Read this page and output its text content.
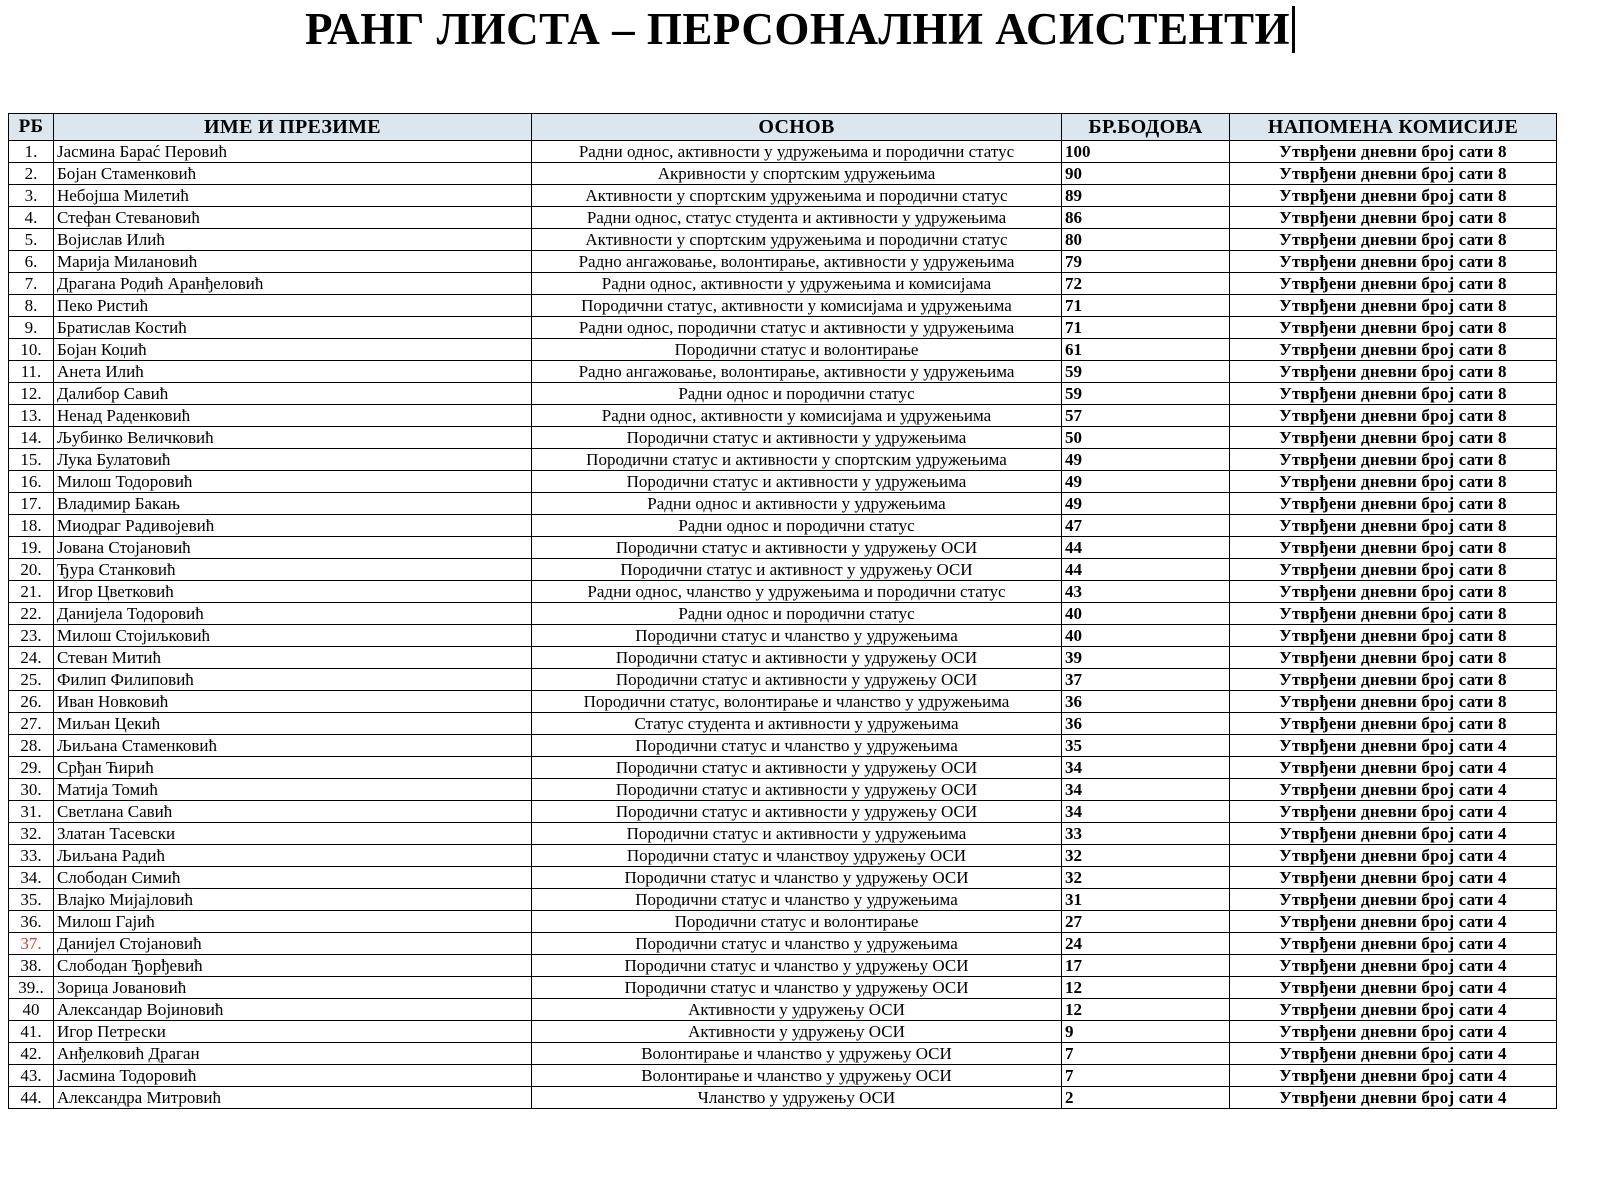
РАНГ ЛИСТА – ПЕРСОНАЛНИ АСИСТЕНТИ
РБ	ИМЕ И ПРЕЗИМЕ	ОСНОВ	БР.БОДОВА	НАПОМЕНА КОМИСИЈЕ
1.	Јасмина Барać Перовић	Радни однос, активности у удружењима и породични статус	100	Утврђени дневни број сати 8
2.	Бојан Стаменковић	Акривности у спортским удружењима	90	Утврђени дневни број сати 8
3.	Небојша Милетић	Активности у спортским удружењима и породични статус	89	Утврђени дневни број сати 8
4.	Стефан Стевановић	Радни однос, статус студента и активности у удружењима	86	Утврђени дневни број сати 8
5.	Војислав Илић	Активности у спортским удружењима и породични статус	80	Утврђени дневни број сати 8
6.	Марија Милановић	Радно ангажовање, волонтирање, активности у удружењима	79	Утврђени дневни број сати 8
7.	Драгана Родић Аранђеловић	Радни однос, активности у удружењима и комисијама	72	Утврђени дневни број сати 8
8.	Пеко Ристић	Породични статус, активности у комисијама и удружењима	71	Утврђени дневни број сати 8
9.	Братислав Костић	Радни однос, породични статус и активности у удружењима	71	Утврђени дневни број сати 8
10.	Бојан Коџић	Породични статус и волонтирање	61	Утврђени дневни број сати 8
11.	Анета Илић	Радно ангажовање, волонтирање, активности у удружењима	59	Утврђени дневни број сати 8
12.	Далибор Савић	Радни однос и породични статус	59	Утврђени дневни број сати 8
13.	Ненад Раденковић	Радни однос, активности у комисијама и удружењима	57	Утврђени дневни број сати 8
14.	Љубинко Величковић	Породични статус и активности у удружењима	50	Утврђени дневни број сати 8
15.	Лука Булатовић	Породични статус и активности у спортским удружењима	49	Утврђени дневни број сати 8
16.	Милош Тодоровић	Породични статус и активности у удружењима	49	Утврђени дневни број сати 8
17.	Владимир Бакањ	Радни однос и активности у удружењима	49	Утврђени дневни број сати 8
18.	Миодраг Радивојевић	Радни однос и породични статус	47	Утврђени дневни број сати 8
19.	Јована Стојановић	Породични статус и активности у удружењу ОСИ	44	Утврђени дневни број сати 8
20.	Ђура Станковић	Породични статус и активност у удружењу ОСИ	44	Утврђени дневни број сати 8
21.	Игор Цветковић	Радни однос, чланство у удружењима и породични статус	43	Утврђени дневни број сати 8
22.	Данијела Тодоровић	Радни однос и породични статус	40	Утврђени дневни број сати 8
23.	Милош Стојиљковић	Породични статус и чланство у удружењима	40	Утврђени дневни број сати 8
24.	Стеван Митић	Породични статус и активности у удружењу ОСИ	39	Утврђени дневни број сати 8
25.	Филип Филиповић	Породични статус и активности у удружењу ОСИ	37	Утврђени дневни број сати 8
26.	Иван Новковић	Породични статус, волонтирање и чланство у удружењима	36	Утврђени дневни број сати 8
27.	Миљан Цекић	Статус студента и активности у удружењима	36	Утврђени дневни број сати 8
28.	Љиљана Стаменковић	Породични статус и чланство у удружењима	35	Утврђени дневни број сати 4
29.	Срђан Ћирић	Породични статус и активности у удружењу ОСИ	34	Утврђени дневни број сати 4
30.	Матија Томић	Породични статус и активности у удружењу ОСИ	34	Утврђени дневни број сати 4
31.	Светлана Савић	Породични статус и активности у удружењу ОСИ	34	Утврђени дневни број сати 4
32.	Златан Тасевски	Породични статус и активности у удружењима	33	Утврђени дневни број сати 4
33.	Љиљана Радић	Породични статус и чланствоу удружењу ОСИ	32	Утврђени дневни број сати 4
34.	Слободан Симић	Породични статус и чланство у удружењу ОСИ	32	Утврђени дневни број сати 4
35.	Влајко Мијајловић	Породични статус и чланство у удружењима	31	Утврђени дневни број сати 4
36.	Милош Гајић	Породични статус и волонтирање	27	Утврђени дневни број сати 4
37.	Данијел Стојановић	Породични статус и чланство у удружењима	24	Утврђени дневни број сати 4
38.	Слободан Ђорђевић	Породични статус и чланство у удружењу ОСИ	17	Утврђени дневни број сати 4
39..	Зорица Јовановић	Породични статус и чланство у удружењу ОСИ	12	Утврђени дневни број сати 4
40	Александар Војиновић	Активности у удружењу ОСИ	12	Утврђени дневни број сати 4
41.	Игор Петрески	Активности у удружењу ОСИ	9	Утврђени дневни број сати 4
42.	Анђелковић Драган	Волонтирање и чланство у удружењу ОСИ	7	Утврђени дневни број сати 4
43.	Јасмина Тодоровић	Волонтирање и чланство у удружењу ОСИ	7	Утврђени дневни број сати 4
44.	Александра Митровић	Чланство у удружењу ОСИ	2	Утврђени дневни број сати 4
